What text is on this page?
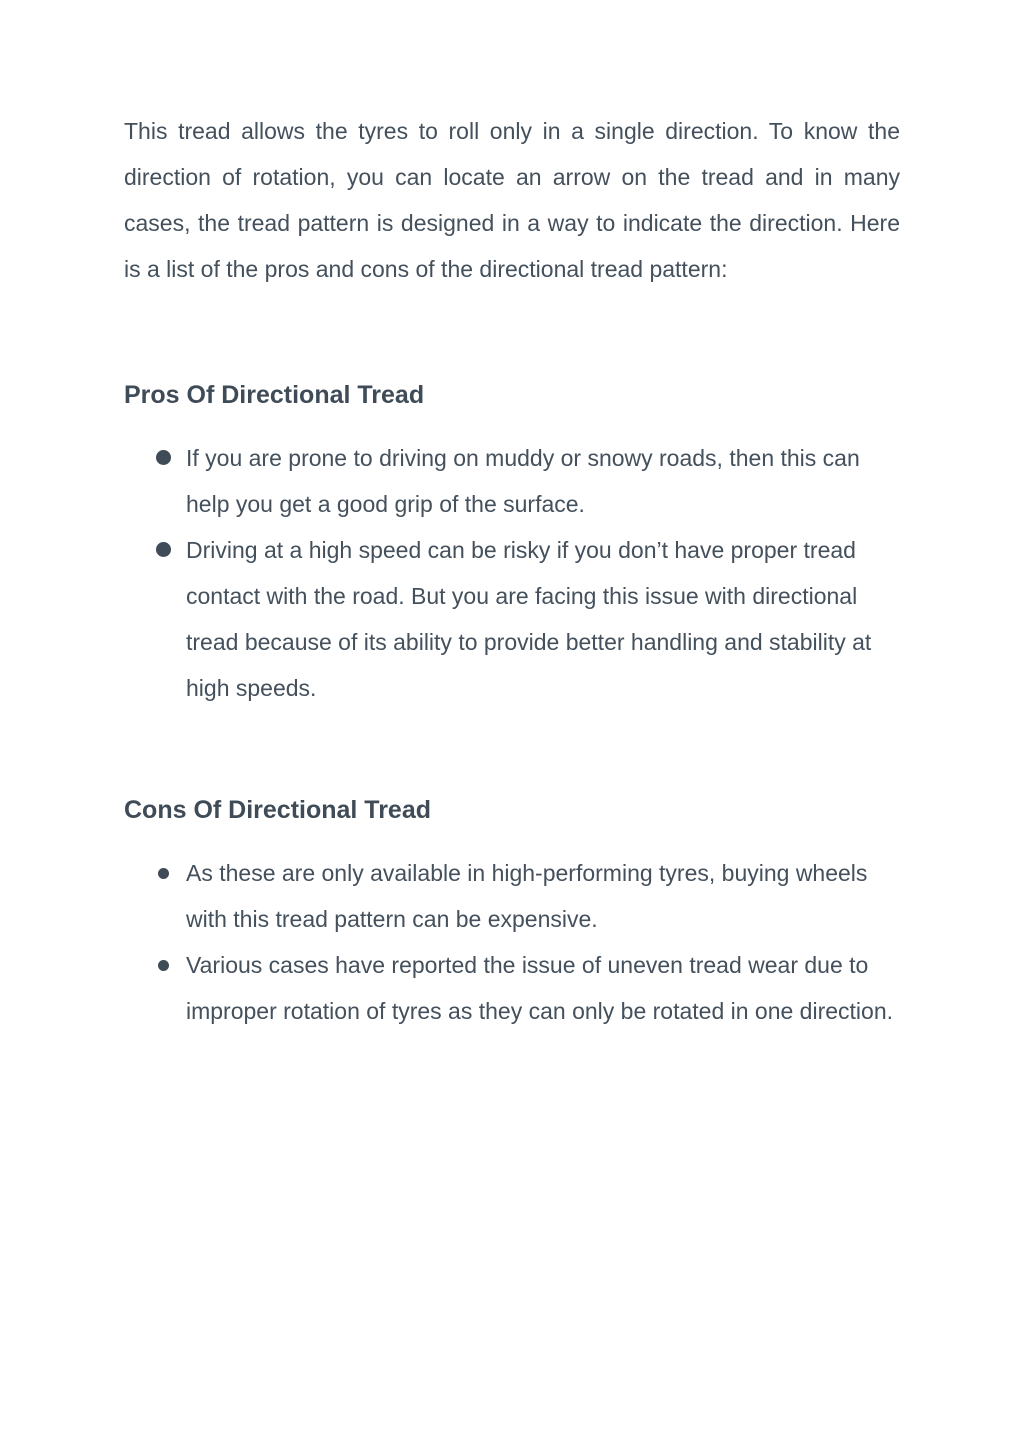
This tread allows the tyres to roll only in a single direction. To know the direction of rotation, you can locate an arrow on the tread and in many cases, the tread pattern is designed in a way to indicate the direction. Here is a list of the pros and cons of the directional tread pattern:

Pros Of Directional Tread
If you are prone to driving on muddy or snowy roads, then this can help you get a good grip of the surface.
Driving at a high speed can be risky if you don’t have proper tread contact with the road. But you are facing this issue with directional tread because of its ability to provide better handling and stability at high speeds.
Cons Of Directional Tread
As these are only available in high-performing tyres, buying wheels with this tread pattern can be expensive.
Various cases have reported the issue of uneven tread wear due to improper rotation of tyres as they can only be rotated in one direction.
